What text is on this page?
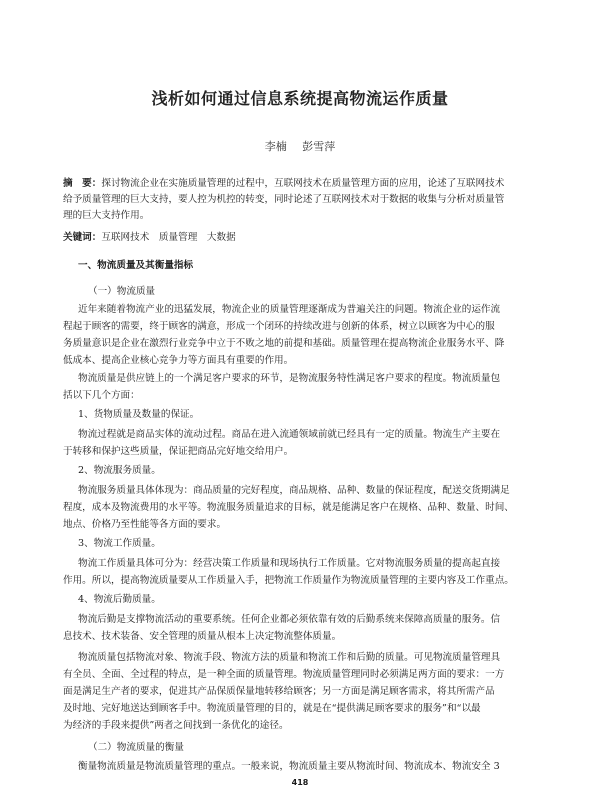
浅析如何通过信息系统提高物流运作质量
李楠 彭雪萍
摘　要：探讨物流企业在实施质量管理的过程中，互联网技术在质量管理方面的应用，论述了互联网技术
给予质量管理的巨大支持，要人控为机控的转变，同时论述了互联网技术对于数据的收集与分析对质量管
理的巨大支持作用。
关键词：互联网技术　质量管理　大数据
一、物流质量及其衡量指标
（一）物流质量
近年来随着物流产业的迅猛发展，物流企业的质量管理逐渐成为普遍关注的问题。物流企业的运作流
程起于顾客的需要，终于顾客的满意，形成一个闭环的持续改进与创新的体系，树立以顾客为中心的服
务质量意识是企业在激烈行业竞争中立于不败之地的前提和基础。质量管理在提高物流企业服务水平、降
低成本、提高企业核心竞争力等方面具有重要的作用。
物流质量是供应链上的一个满足客户要求的环节，是物流服务特性满足客户要求的程度。物流质量包
括以下几个方面：
1、货物质量及数量的保证。
物流过程就是商品实体的流动过程。商品在进入流通领域前就已经具有一定的质量。物流生产主要在
于转移和保护这些质量，保证把商品完好地交给用户。
2、物流服务质量。
物流服务质量具体体现为：商品质量的完好程度，商品规格、品种、数量的保证程度，配送交货期满足
程度，成本及物流费用的水平等。物流服务质量追求的目标，就是能满足客户在规格、品种、数量、时间、
地点、价格乃至性能等各方面的要求。
3、物流工作质量。
物流工作质量具体可分为：经营决策工作质量和现场执行工作质量。它对物流服务质量的提高起直接
作用。所以，提高物流质量要从工作质量入手，把物流工作质量作为物流质量管理的主要内容及工作重点。
4、物流后勤质量。
物流后勤是支撑物流活动的重要系统。任何企业都必须依靠有效的后勤系统来保障高质量的服务。信
息技术、技术装备、安全管理的质量从根本上决定物流整体质量。
物流质量包括物流对象、物流手段、物流方法的质量和物流工作和后勤的质量。可见物流质量管理具
有全员、全面、全过程的特点，是一种全面的质量管理。物流质量管理同时必须满足两方面的要求：一方
面是满足生产者的要求，促进其产品保质保量地转移给顾客；另一方面是满足顾客需求，将其所需产品
及时地、完好地送达到顾客手中。物流质量管理的目的，就是在“提供满足顾客要求的服务”和“以最
为经济的手段来提供”两者之间找到一条优化的途径。
（二）物流质量的衡量
衡量物流质量是物流质量管理的重点。一般来说，物流质量主要从物流时间、物流成本、物流安全 3
418
